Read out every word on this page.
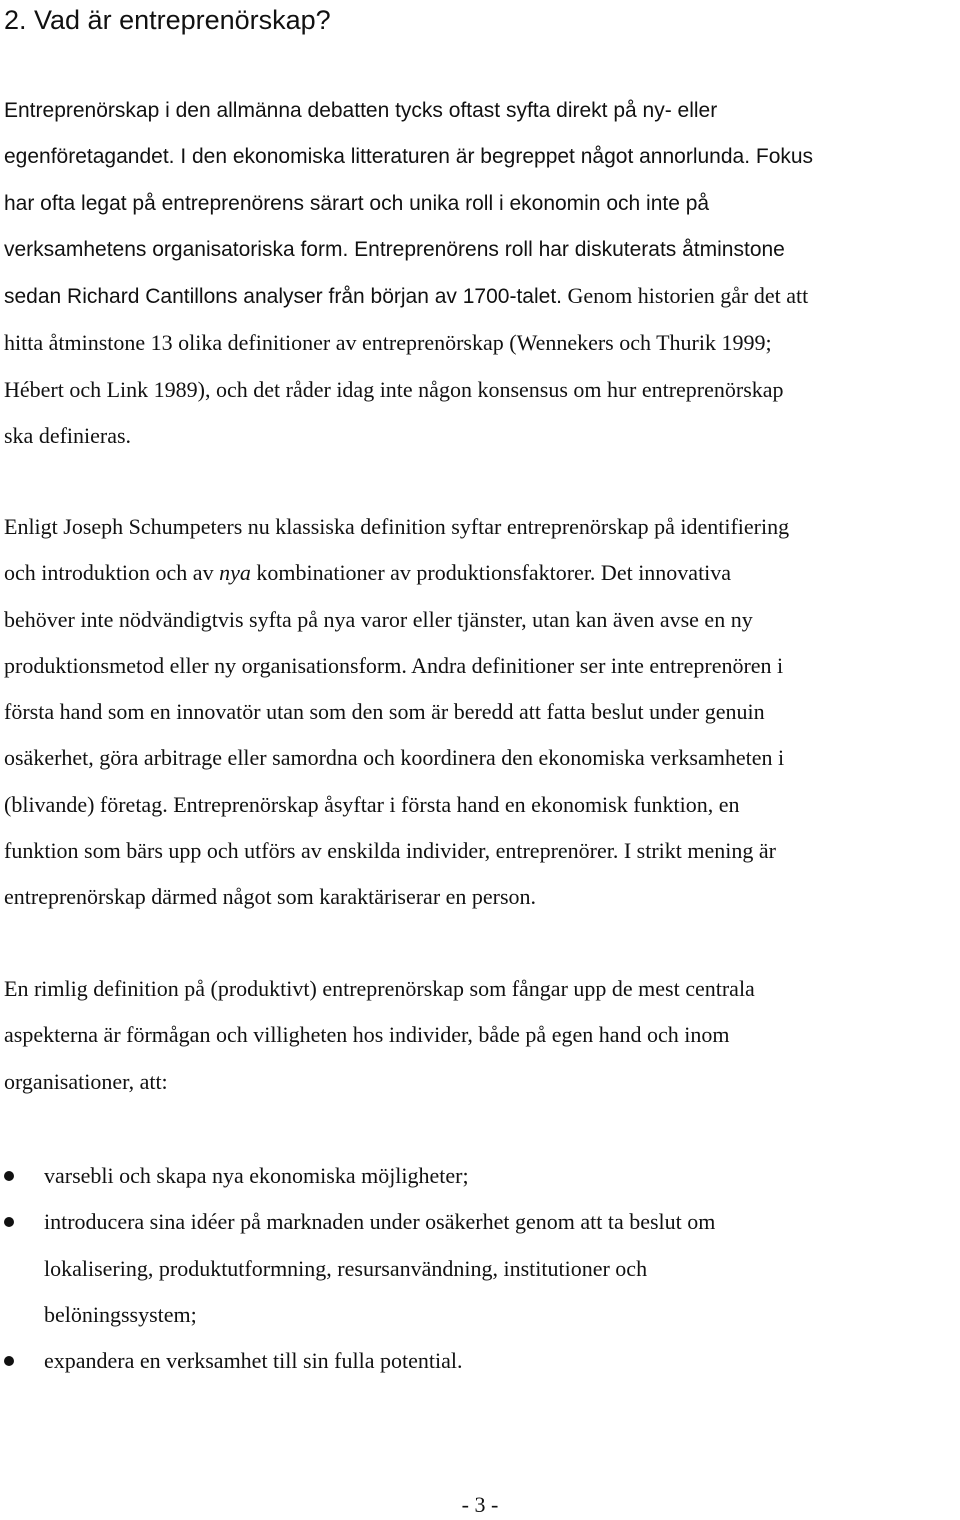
2. Vad är entreprenörskap?

Entreprenörskap i den allmänna debatten tycks oftast syfta direkt på ny- eller
egenföretagandet. I den ekonomiska litteraturen är begreppet något annorlunda. Fokus
har ofta legat på entreprenörens särart och unika roll i ekonomin och inte på
verksamhetens organisatoriska form. Entreprenörens roll har diskuterats åtminstone
sedan Richard Cantillons analyser från början av 1700-talet. Genom historien går det att
hitta åtminstone 13 olika definitioner av entreprenörskap (Wennekers och Thurik 1999;
Hébert och Link 1989), och det råder idag inte någon konsensus om hur entreprenörskap
ska definieras.

Enligt Joseph Schumpeters nu klassiska definition syftar entreprenörskap på identifiering
och introduktion och av nya kombinationer av produktionsfaktorer. Det innovativa
behöver inte nödvändigtvis syfta på nya varor eller tjänster, utan kan även avse en ny
produktionsmetod eller ny organisationsform. Andra definitioner ser inte entreprenören i
första hand som en innovatör utan som den som är beredd att fatta beslut under genuin
osäkerhet, göra arbitrage eller samordna och koordinera den ekonomiska verksamheten i
(blivande) företag. Entreprenörskap åsyftar i första hand en ekonomisk funktion, en
funktion som bärs upp och utförs av enskilda individer, entreprenörer. I strikt mening är
entreprenörskap därmed något som karaktäriserar en person.

En rimlig definition på (produktivt) entreprenörskap som fångar upp de mest centrala
aspekterna är förmågan och villigheten hos individer, både på egen hand och inom
organisationer, att:

varsebli och skapa nya ekonomiska möjligheter;
introducera sina idéer på marknaden under osäkerhet genom att ta beslut om
lokalisering, produktutformning, resursanvändning, institutioner och
belöningssystem;
expandera en verksamhet till sin fulla potential.

- 3 -
